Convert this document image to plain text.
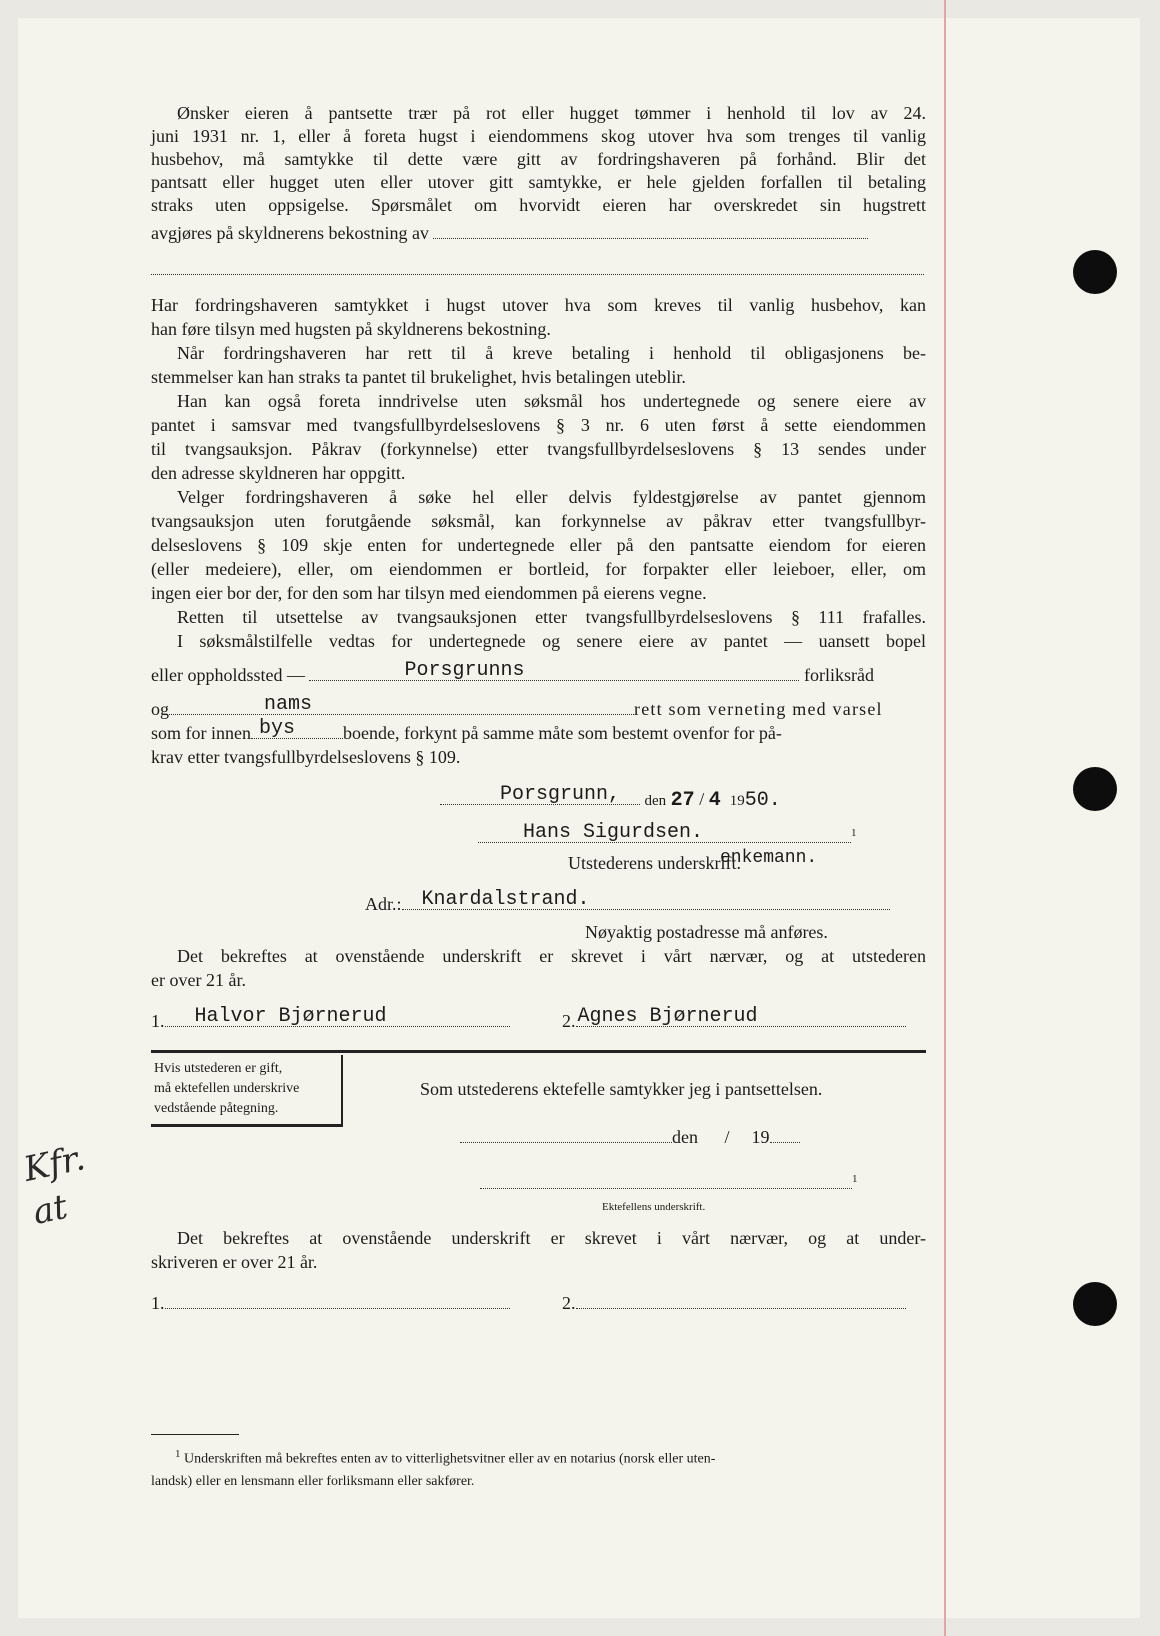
Ønsker eieren å pantsette trær på rot eller hugget tømmer i henhold til lov av 24.
juni 1931 nr. 1, eller å foreta hugst i eiendommens skog utover hva som trenges til vanlig
husbehov, må samtykke til dette være gitt av fordringshaveren på forhånd. Blir det
pantsatt eller hugget uten eller utover gitt samtykke, er hele gjelden forfallen til betaling
straks uten oppsigelse. Spørsmålet om hvorvidt eieren har overskredet sin hugstrett
avgjøres på skyldnerens bekostning av
Har fordringshaveren samtykket i hugst utover hva som kreves til vanlig husbehov, kan
han føre tilsyn med hugsten på skyldnerens bekostning.
Når fordringshaveren har rett til å kreve betaling i henhold til obligasjonens be-
stemmelser kan han straks ta pantet til brukelighet, hvis betalingen uteblir.
Han kan også foreta inndrivelse uten søksmål hos undertegnede og senere eiere av
pantet i samsvar med tvangsfullbyrdelseslovens § 3 nr. 6 uten først å sette eiendommen
til tvangsauksjon. Påkrav (forkynnelse) etter tvangsfullbyrdelseslovens § 13 sendes under
den adresse skyldneren har oppgitt.
Velger fordringshaveren å søke hel eller delvis fyldestgjørelse av pantet gjennom
tvangsauksjon uten forutgående søksmål, kan forkynnelse av påkrav etter tvangsfullbyr-
delseslovens § 109 skje enten for undertegnede eller på den pantsatte eiendom for eieren
(eller medeiere), eller, om eiendommen er bortleid, for forpakter eller leieboer, eller, om
ingen eier bor der, for den som har tilsyn med eiendommen på eierens vegne.
Retten til utsettelse av tvangsauksjonen etter tvangsfullbyrdelseslovens § 111 frafalles.
I søksmålstilfelle vedtas for undertegnede og senere eiere av pantet — uansett bopel
eller oppholdssted —	Porsgrunns	forliksråd
og	nams	rett som verneting med varsel
som for innen bys	boende, forkynt på samme måte som bestemt ovenfor for på-
krav etter tvangsfullbyrdelseslovens § 109.
Porsgrunn, den 27 / 4 1950.
Hans Sigurdsen.	$^1$
Utstederens underskrift.
enkemann.
Adr.: Knardalstrand.
Nøyaktig postadresse må anføres.
Det bekreftes at ovenstående underskrift er skrevet i vårt nærvær, og at utstederen
er over 21 år.
1. Halvor Bjørnerud	2. Agnes Bjørnerud
Hvis utstederen er gift,
må ektefellen underskrive
vedstående påtegning.
Som utstederens ektefelle samtykker jeg i pantsettelsen.
den / 19
$^1$
Ektefellens underskrift.
Det bekreftes at ovenstående underskrift er skrevet i vårt nærvær, og at under-
skriveren er over 21 år.
1.	2.
$^1$ Underskriften må bekreftes enten av to vitterlighetsvitner eller av en notarius (norsk eller uten-
landsk) eller en lensmann eller forliksmann eller sakfører.
Kfr. at
